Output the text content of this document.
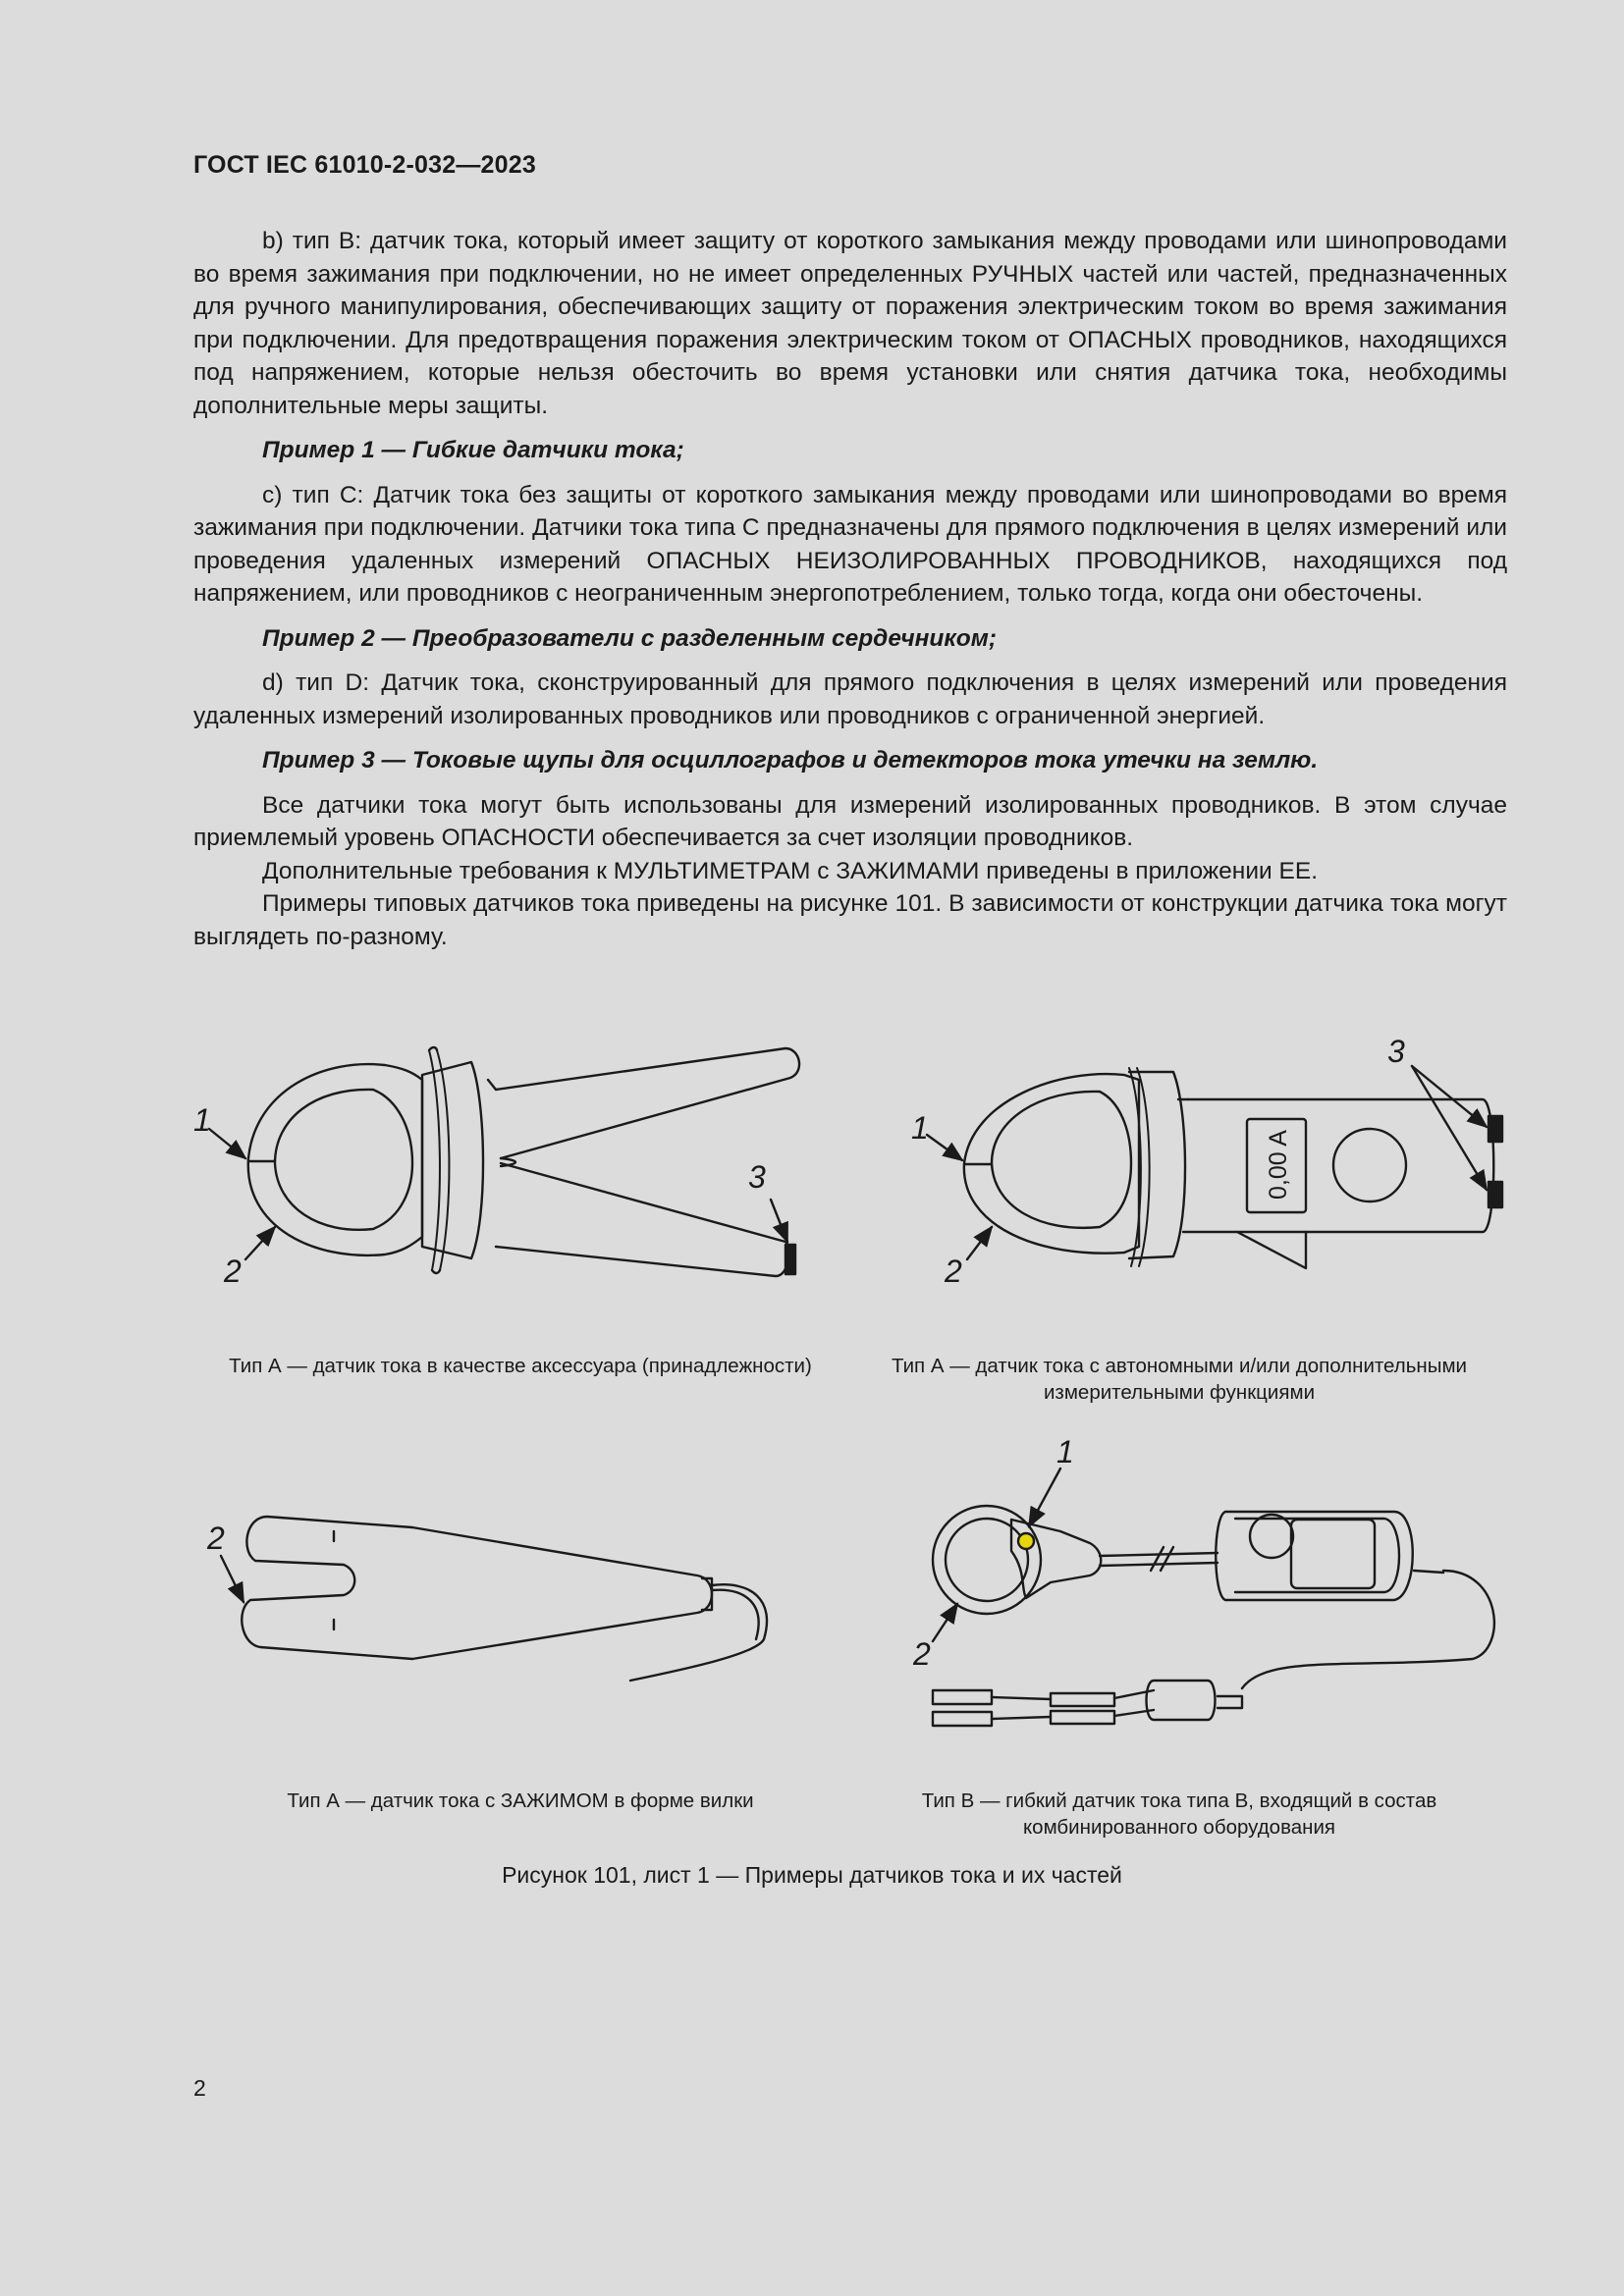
ГОСТ IEC 61010-2-032—2023

b) тип B: датчик тока, который имеет защиту от короткого замыкания между проводами или шинопроводами во время зажимания при подключении, но не имеет определенных РУЧНЫХ частей или частей, предназначенных для ручного манипулирования, обеспечивающих защиту от поражения электрическим током во время зажимания при подключении. Для предотвращения поражения электрическим током от ОПАСНЫХ проводников, находящихся под напряжением, которые нельзя обесточить во время установки или снятия датчика тока, необходимы дополнительные меры защиты.

Пример 1 — Гибкие датчики тока;

c) тип C: Датчик тока без защиты от короткого замыкания между проводами или шинопроводами во время зажимания при подключении. Датчики тока типа C предназначены для прямого подключения в целях измерений или проведения удаленных измерений ОПАСНЫХ НЕИЗОЛИРОВАННЫХ ПРОВОДНИКОВ, находящихся под напряжением, или проводников с неограниченным энергопотреблением, только тогда, когда они обесточены.

Пример 2 — Преобразователи с разделенным сердечником;

d) тип D: Датчик тока, сконструированный для прямого подключения в целях измерений или проведения удаленных измерений изолированных проводников или проводников с ограниченной энергией.

Пример 3 — Токовые щупы для осциллографов и детекторов тока утечки на землю.

Все датчики тока могут быть использованы для измерений изолированных проводников. В этом случае приемлемый уровень ОПАСНОСТИ обеспечивается за счет изоляции проводников.

Дополнительные требования к МУЛЬТИМЕТРАМ с ЗАЖИМАМИ приведены в приложении ЕЕ.

Примеры типовых датчиков тока приведены на рисунке 101. В зависимости от конструкции датчика тока могут выглядеть по-разному.

1
2
3	0,00 A
1
2
3
2
1
2
Тип А — датчик тока в качестве аксессуара (принадлежности)	Тип А — датчик тока с автономными и/или дополнительными измерительными функциями
Тип А — датчик тока с ЗАЖИМОМ в форме вилки	Тип B — гибкий датчик тока типа B, входящий в состав комбинированного оборудования
Рисунок 101, лист 1 — Примеры датчиков тока и их частей
2
